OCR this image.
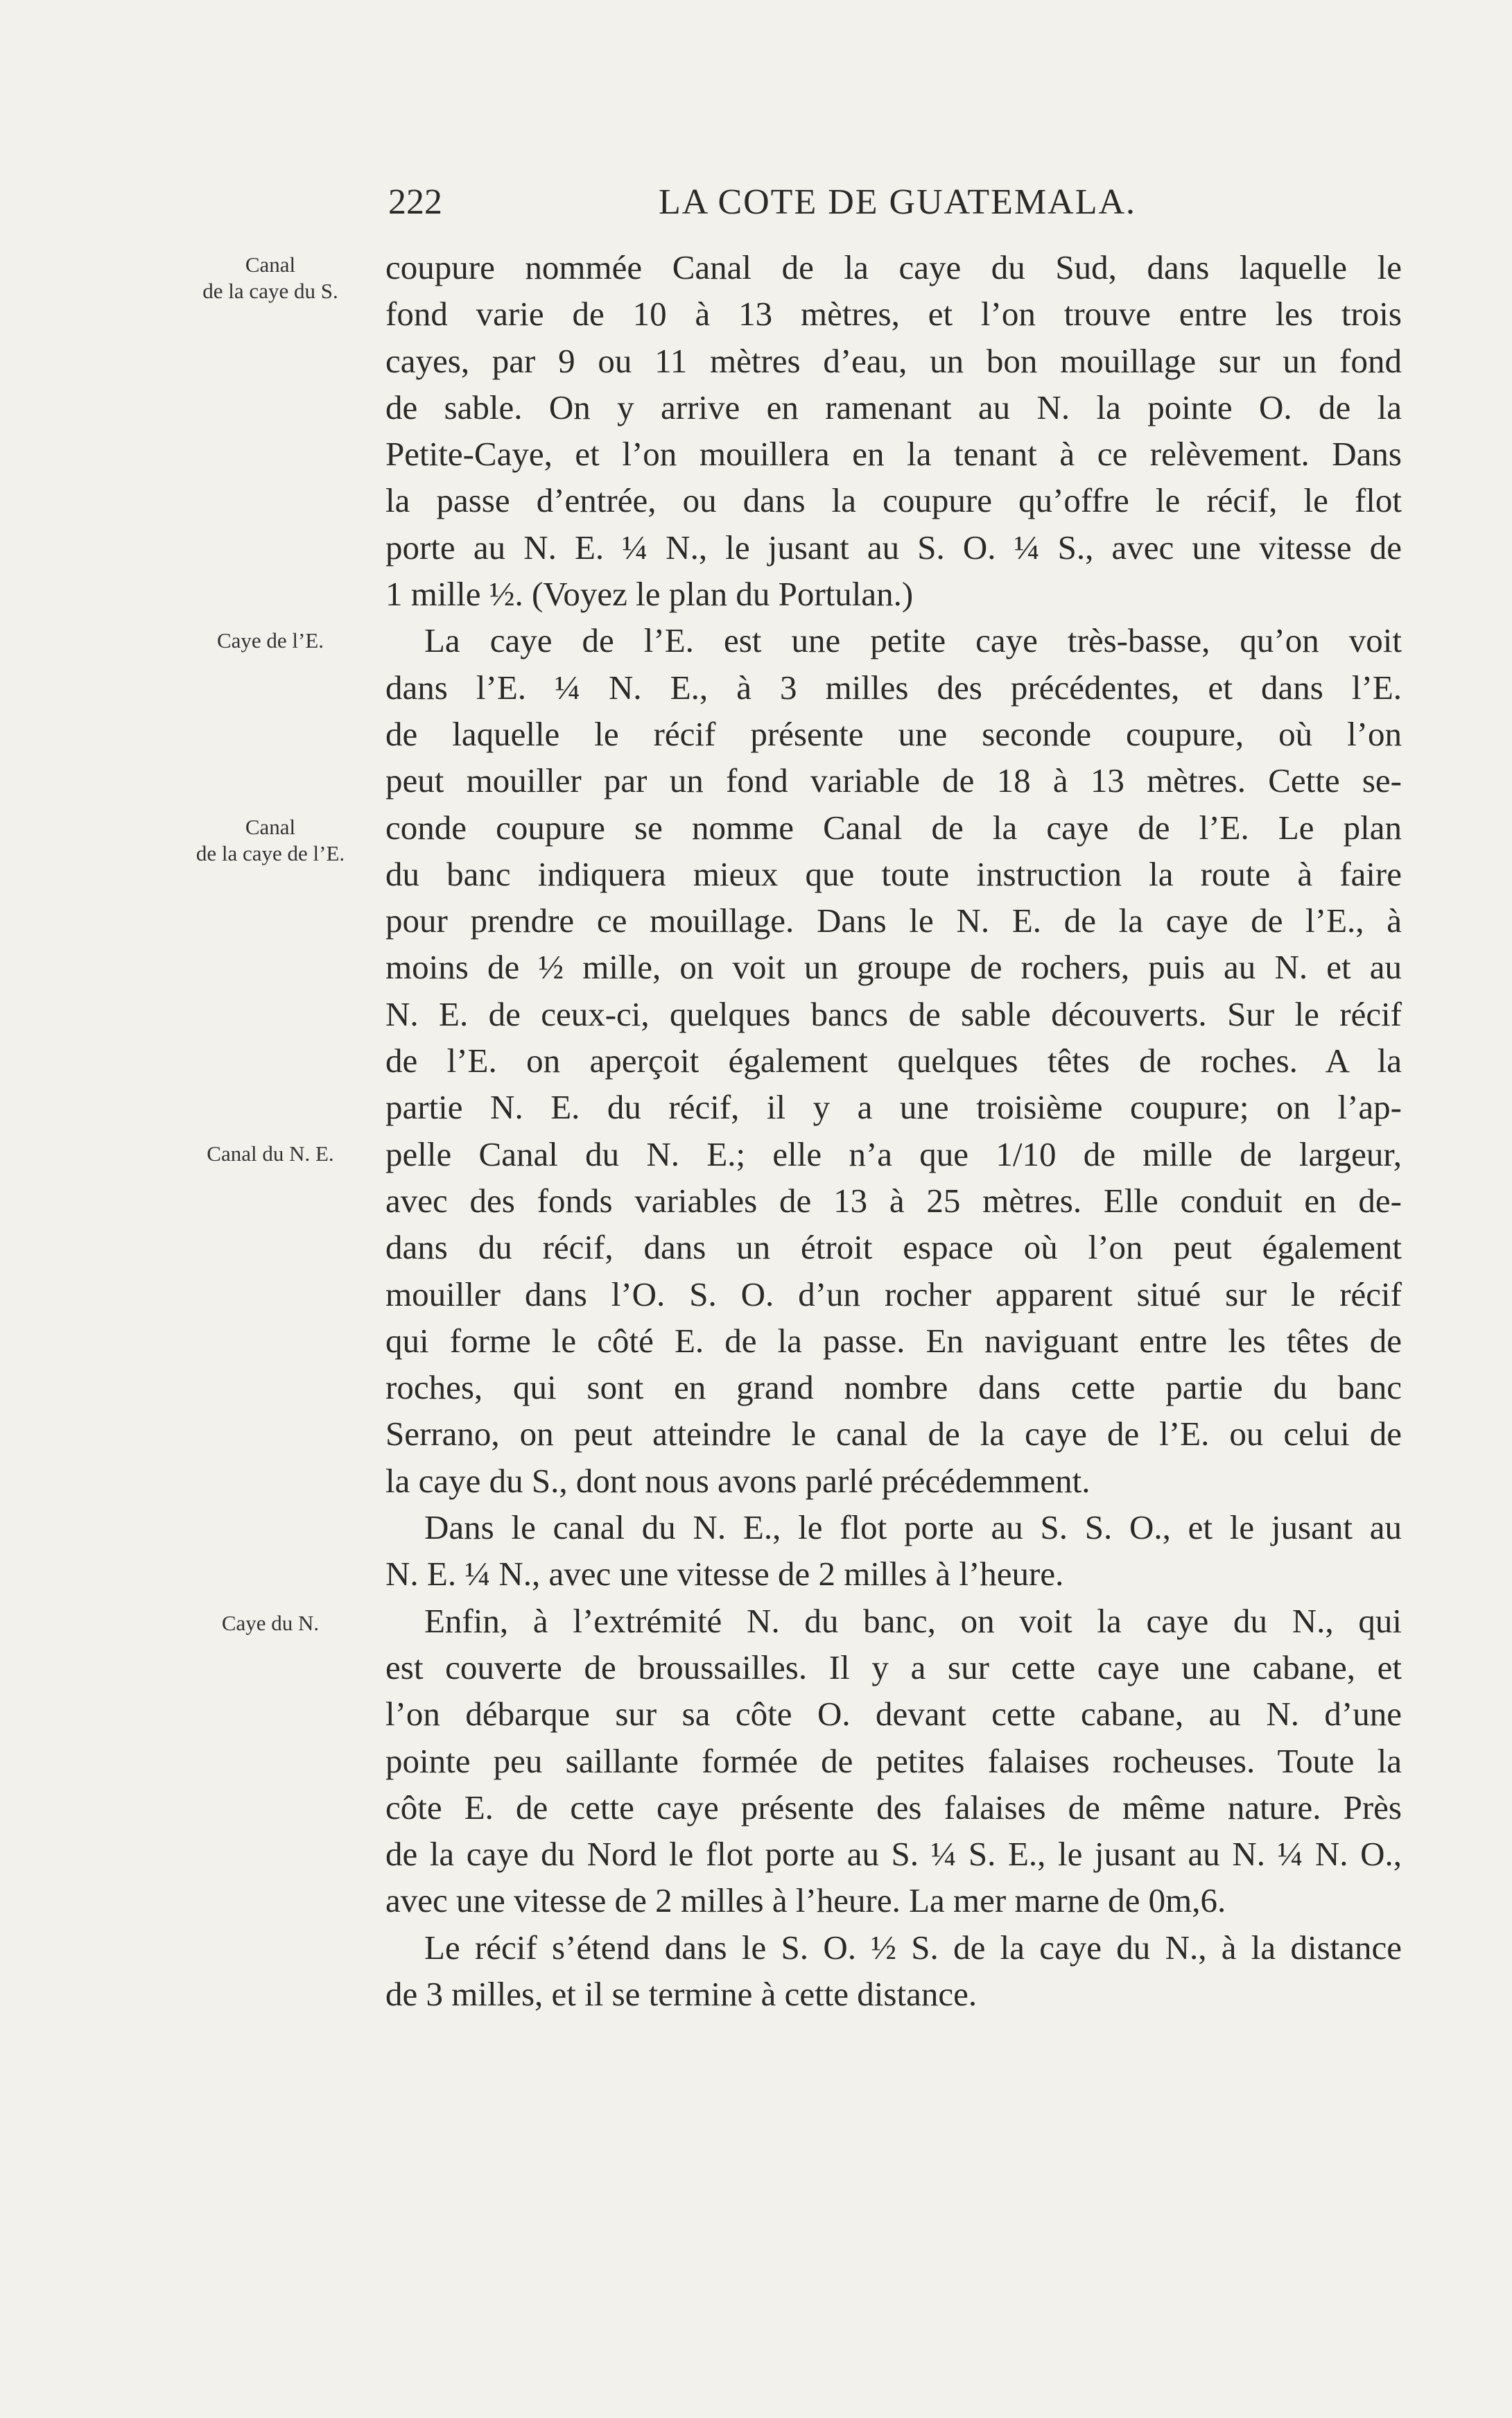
222	LA COTE DE GUATEMALA.
Canal
de la caye du S.
Caye de l’E.
Canal
de la caye de l’E.
Canal du N. E.
Caye du N.
coupure nommée Canal de la caye du Sud, dans laquelle le
fond varie de 10 à 13 mètres, et l’on trouve entre les trois
cayes, par 9 ou 11 mètres d’eau, un bon mouillage sur un fond
de sable. On y arrive en ramenant au N. la pointe O. de la
Petite-Caye, et l’on mouillera en la tenant à ce relèvement. Dans
la passe d’entrée, ou dans la coupure qu’offre le récif, le flot
porte au N. E. ¼ N., le jusant au S. O. ¼ S., avec une vitesse de
1 mille ½. (Voyez le plan du Portulan.)
La caye de l’E. est une petite caye très-basse, qu’on voit
dans l’E. ¼ N. E., à 3 milles des précédentes, et dans l’E.
de laquelle le récif présente une seconde coupure, où l’on
peut mouiller par un fond variable de 18 à 13 mètres. Cette se-
conde coupure se nomme Canal de la caye de l’E. Le plan
du banc indiquera mieux que toute instruction la route à faire
pour prendre ce mouillage. Dans le N. E. de la caye de l’E., à
moins de ½ mille, on voit un groupe de rochers, puis au N. et au
N. E. de ceux-ci, quelques bancs de sable découverts. Sur le récif
de l’E. on aperçoit également quelques têtes de roches. A la
partie N. E. du récif, il y a une troisième coupure; on l’ap-
pelle Canal du N. E.; elle n’a que 1/10 de mille de largeur,
avec des fonds variables de 13 à 25 mètres. Elle conduit en de-
dans du récif, dans un étroit espace où l’on peut également
mouiller dans l’O. S. O. d’un rocher apparent situé sur le récif
qui forme le côté E. de la passe. En naviguant entre les têtes de
roches, qui sont en grand nombre dans cette partie du banc
Serrano, on peut atteindre le canal de la caye de l’E. ou celui de
la caye du S., dont nous avons parlé précédemment.
Dans le canal du N. E., le flot porte au S. S. O., et le jusant au
N. E. ¼ N., avec une vitesse de 2 milles à l’heure.
Enfin, à l’extrémité N. du banc, on voit la caye du N., qui
est couverte de broussailles. Il y a sur cette caye une cabane, et
l’on débarque sur sa côte O. devant cette cabane, au N. d’une
pointe peu saillante formée de petites falaises rocheuses. Toute la
côte E. de cette caye présente des falaises de même nature. Près
de la caye du Nord le flot porte au S. ¼ S. E., le jusant au N. ¼ N. O.,
avec une vitesse de 2 milles à l’heure. La mer marne de 0m,6.
Le récif s’étend dans le S. O. ½ S. de la caye du N., à la distance
de 3 milles, et il se termine à cette distance.
